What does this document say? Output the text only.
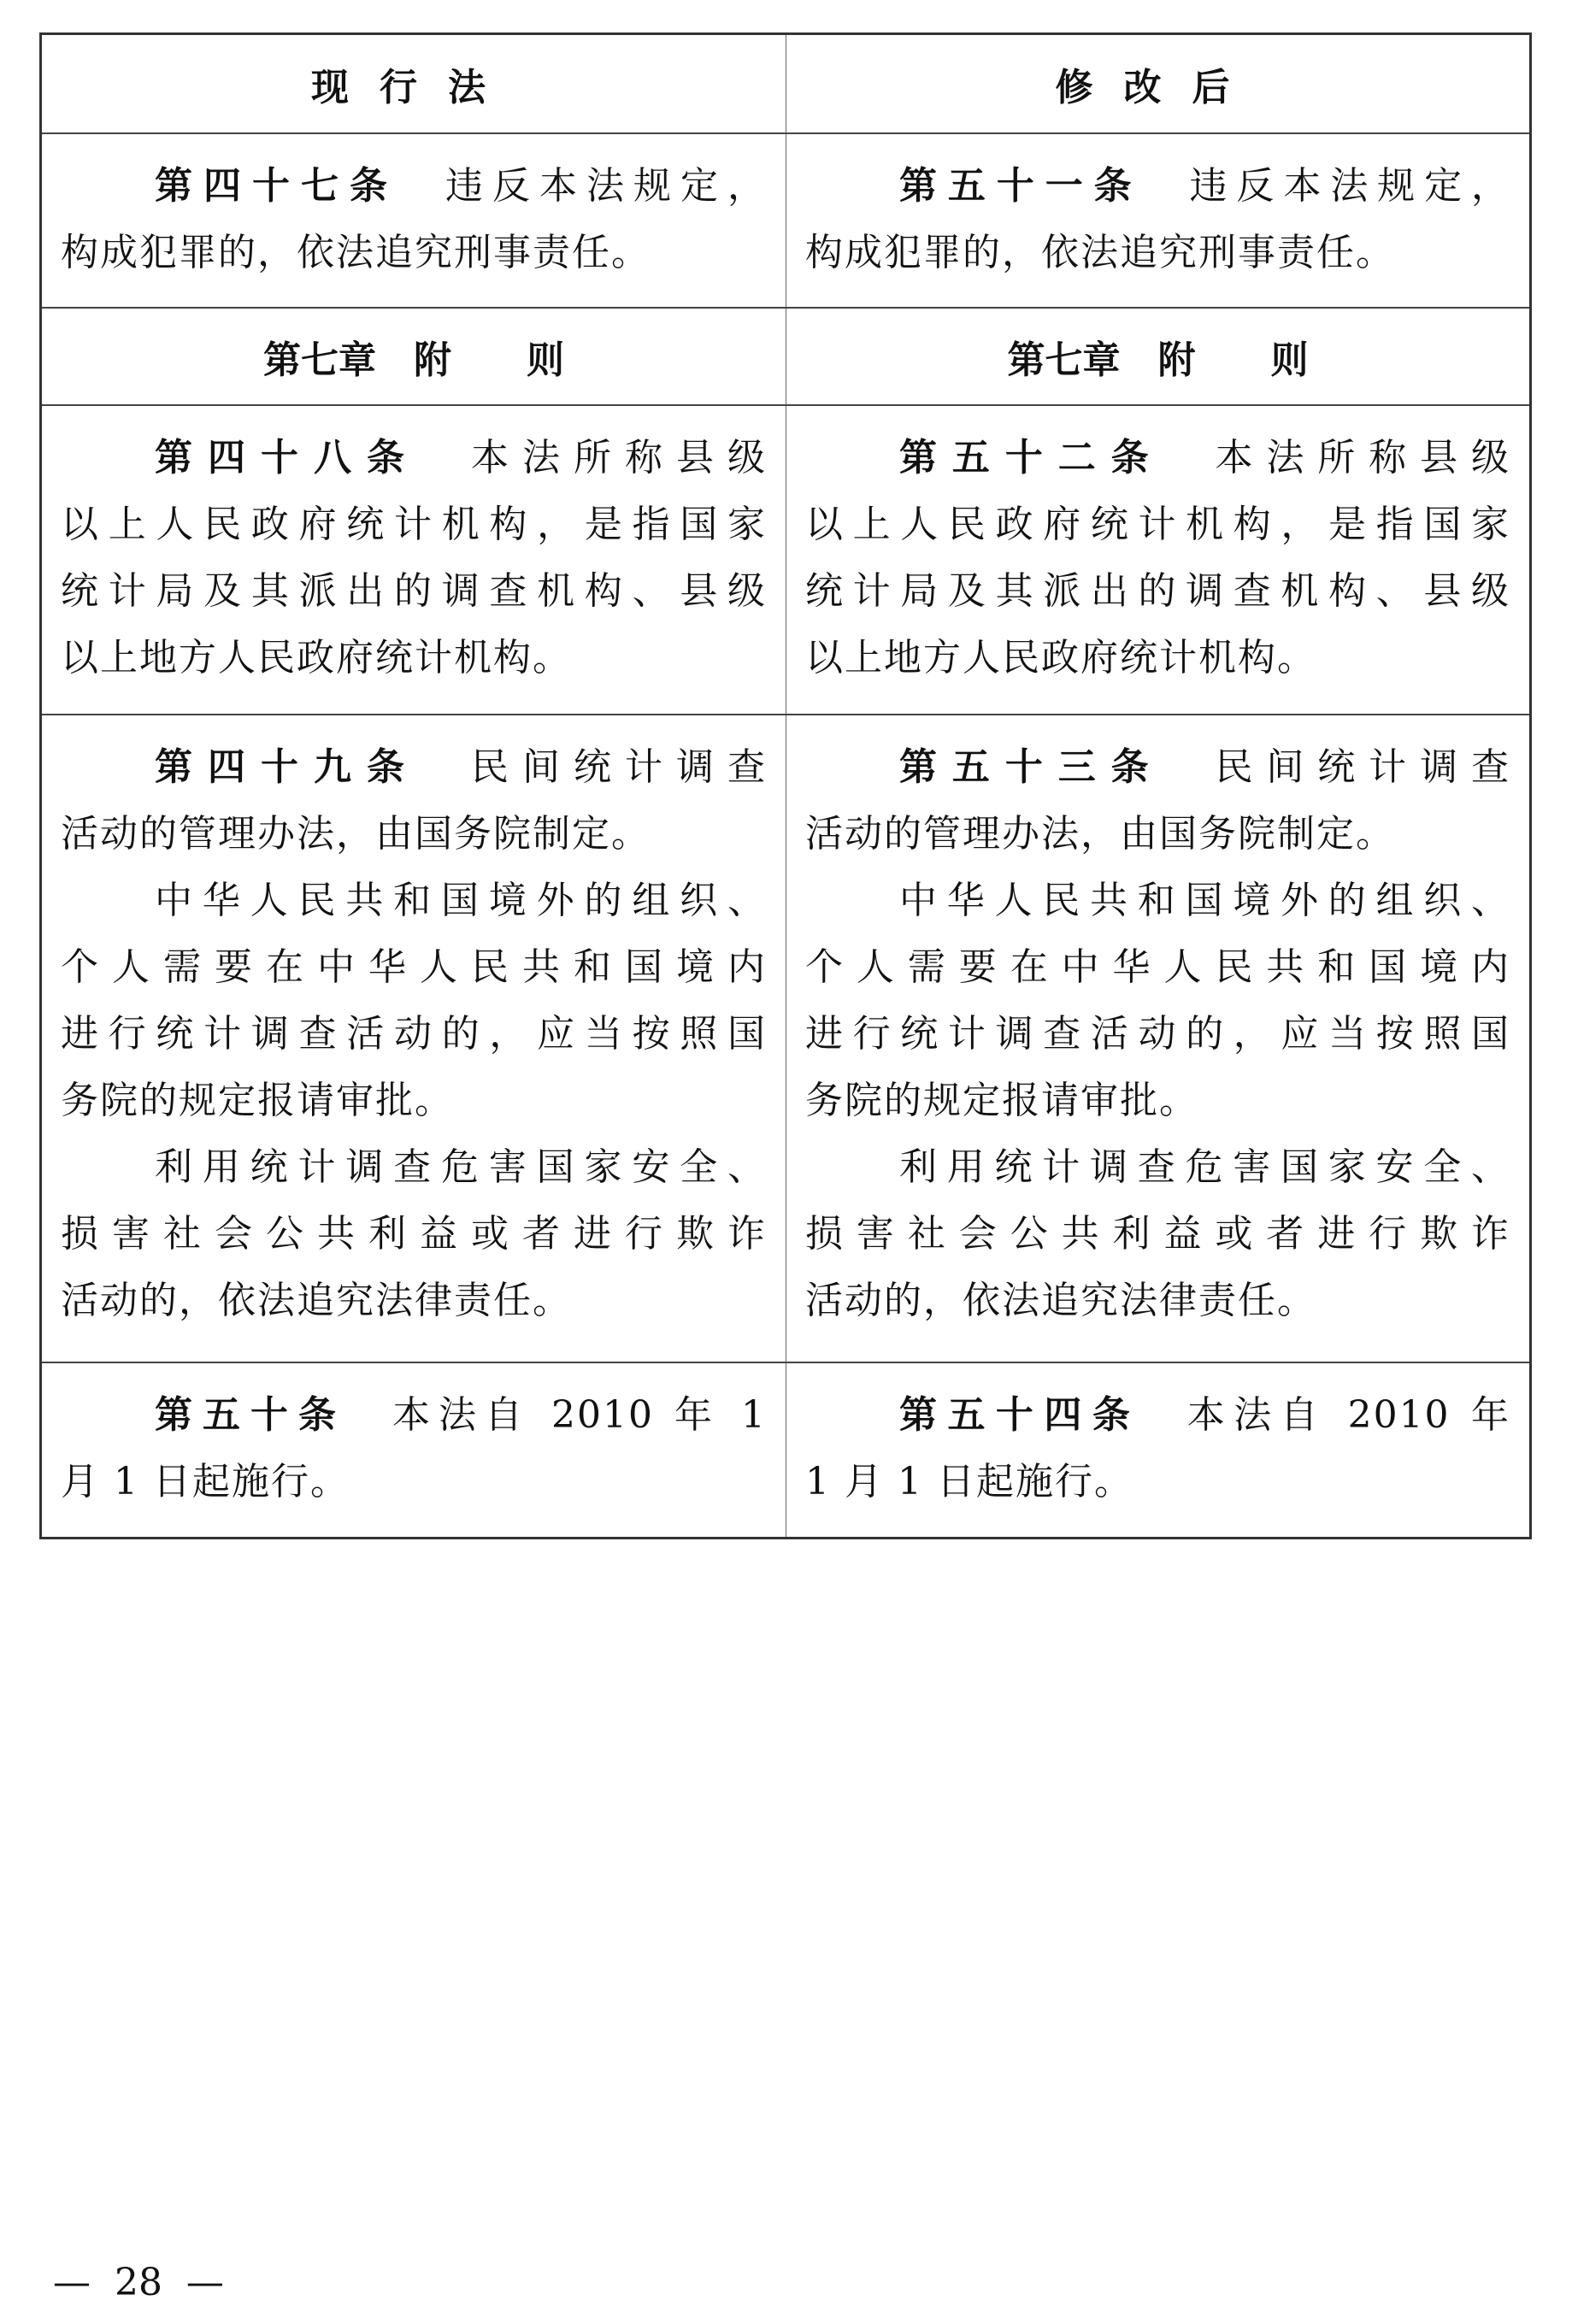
现行法	修改后
第四十七条  违反本法规定，
构成犯罪的，依法追究刑事责任。
第五十一条  违反本法规定，
构成犯罪的，依法追究刑事责任。
第七章　附　　则	第七章　附　　则
第四十八条  本法所称县级
以上人民政府统计机构，是指国家
统计局及其派出的调查机构、县级
以上地方人民政府统计机构。
第五十二条  本法所称县级
以上人民政府统计机构，是指国家
统计局及其派出的调查机构、县级
以上地方人民政府统计机构。
第四十九条  民间统计调查
活动的管理办法，由国务院制定。
中华人民共和国境外的组织、
个人需要在中华人民共和国境内
进行统计调查活动的，应当按照国
务院的规定报请审批。
利用统计调查危害国家安全、
损害社会公共利益或者进行欺诈
活动的，依法追究法律责任。
第五十三条  民间统计调查
活动的管理办法，由国务院制定。
中华人民共和国境外的组织、
个人需要在中华人民共和国境内
进行统计调查活动的，应当按照国
务院的规定报请审批。
利用统计调查危害国家安全、
损害社会公共利益或者进行欺诈
活动的，依法追究法律责任。
第五十条  本法自 2010 年 1
月 1 日起施行。
第五十四条  本法自 2010 年
1 月 1 日起施行。
—  28  —
